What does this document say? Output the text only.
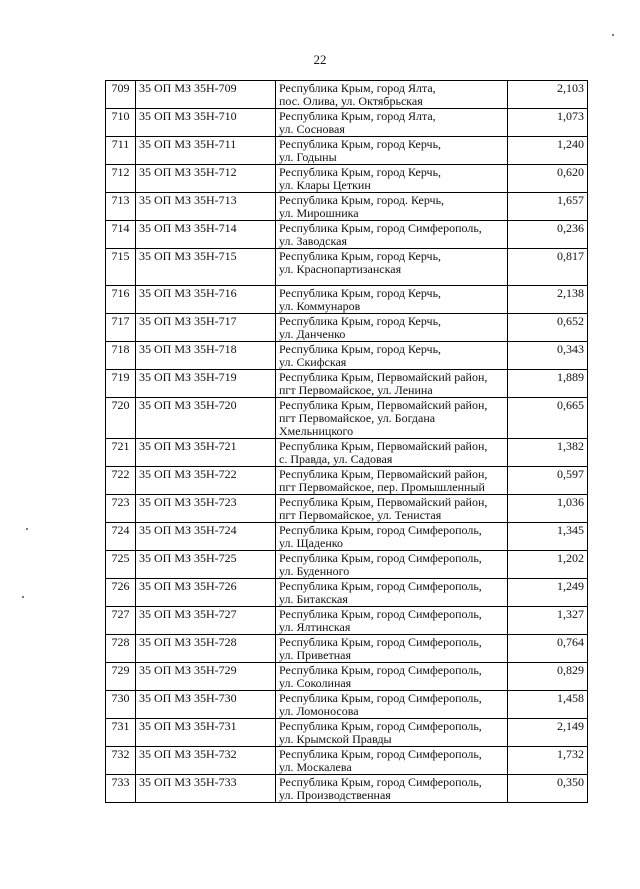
22
709	35 ОП МЗ 35Н-709	Республика Крым, город Ялта,
пос. Олива, ул. Октябрьская	2,103
710	35 ОП МЗ 35Н-710	Республика Крым, город Ялта,
ул. Сосновая	1,073
711	35 ОП МЗ 35Н-711	Республика Крым, город Керчь,
ул. Годыны	1,240
712	35 ОП МЗ 35Н-712	Республика Крым, город Керчь,
ул. Клары Цеткин	0,620
713	35 ОП МЗ 35Н-713	Республика Крым, город. Керчь,
ул. Мирошника	1,657
714	35 ОП МЗ 35Н-714	Республика Крым, город Симферополь,
ул. Заводская	0,236
715	35 ОП МЗ 35Н-715	Республика Крым, город Керчь,
ул. Краснопартизанская	0,817
716	35 ОП МЗ 35Н-716	Республика Крым, город Керчь,
ул. Коммунаров	2,138
717	35 ОП МЗ 35Н-717	Республика Крым, город Керчь,
ул. Данченко	0,652
718	35 ОП МЗ 35Н-718	Республика Крым, город Керчь,
ул. Скифская	0,343
719	35 ОП МЗ 35Н-719	Республика Крым, Первомайский район,
пгт Первомайское, ул. Ленина	1,889
720	35 ОП МЗ 35Н-720	Республика Крым, Первомайский район,
пгт Первомайское, ул. Богдана
Хмельницкого	0,665
721	35 ОП МЗ 35Н-721	Республика Крым, Первомайский район,
с. Правда, ул. Садовая	1,382
722	35 ОП МЗ 35Н-722	Республика Крым, Первомайский район,
пгт Первомайское, пер. Промышленный	0,597
723	35 ОП МЗ 35Н-723	Республика Крым, Первомайский район,
пгт Первомайское, ул. Тенистая	1,036
724	35 ОП МЗ 35Н-724	Республика Крым, город Симферополь,
ул. Щаденко	1,345
725	35 ОП МЗ 35Н-725	Республика Крым, город Симферополь,
ул. Буденного	1,202
726	35 ОП МЗ 35Н-726	Республика Крым, город Симферополь,
ул. Битакская	1,249
727	35 ОП МЗ 35Н-727	Республика Крым, город Симферополь,
ул. Ялтинская	1,327
728	35 ОП МЗ 35Н-728	Республика Крым, город Симферополь,
ул. Приветная	0,764
729	35 ОП МЗ 35Н-729	Республика Крым, город Симферополь,
ул. Соколиная	0,829
730	35 ОП МЗ 35Н-730	Республика Крым, город Симферополь,
ул. Ломоносова	1,458
731	35 ОП МЗ 35Н-731	Республика Крым, город Симферополь,
ул. Крымской Правды	2,149
732	35 ОП МЗ 35Н-732	Республика Крым, город Симферополь,
ул. Москалева	1,732
733	35 ОП МЗ 35Н-733	Республика Крым, город Симферополь,
ул. Производственная	0,350
